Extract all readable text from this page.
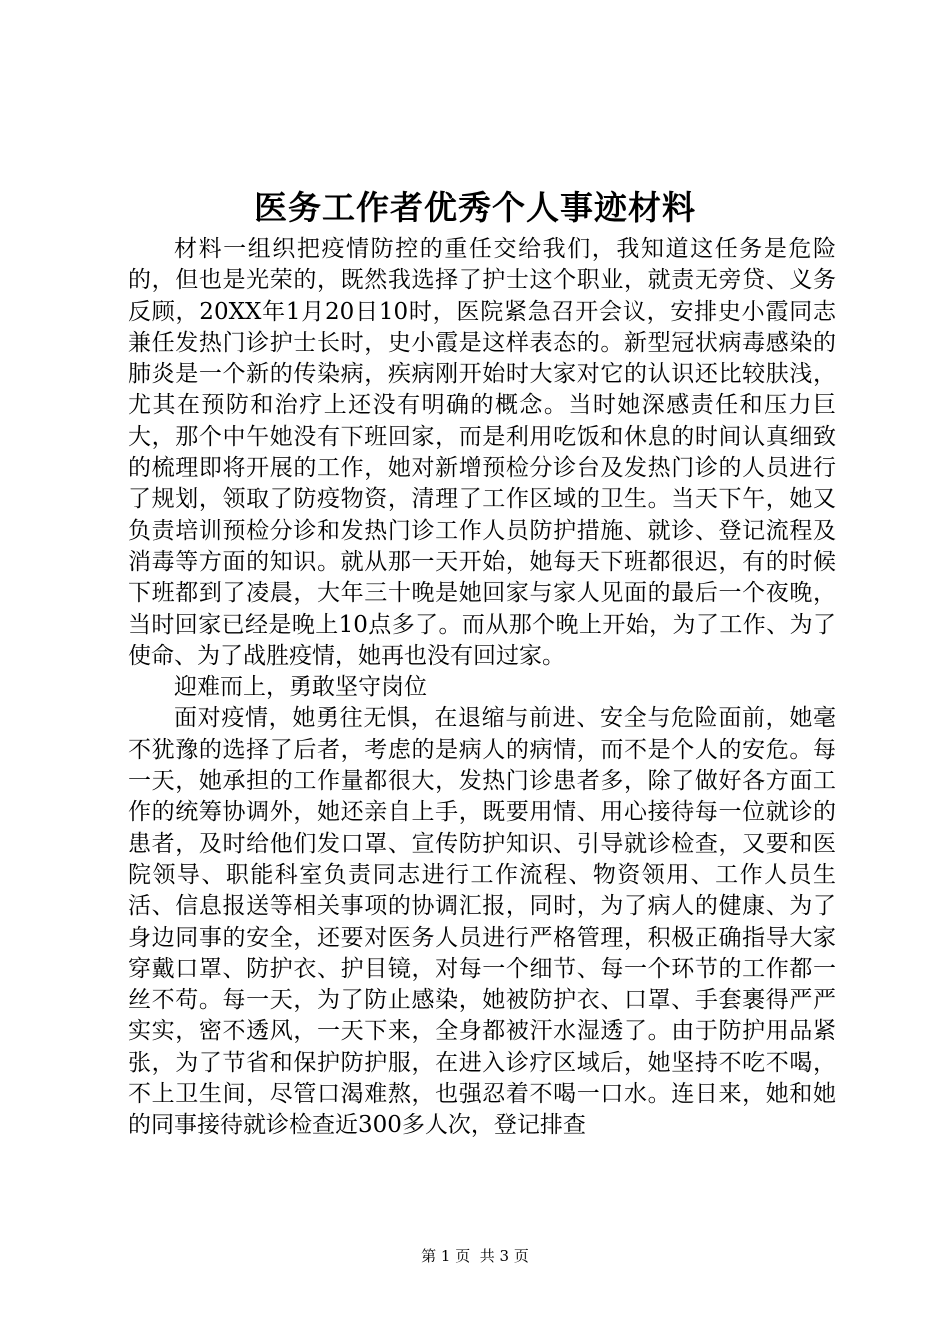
医务工作者优秀个人事迹材料

材料一组织把疫情防控的重任交给我们，我知道这任务是危险的，但也是光荣的，既然我选择了护士这个职业，就责无旁贷、义务反顾，20XX年1月20日10时，医院紧急召开会议，安排史小霞同志兼任发热门诊护士长时，史小霞是这样表态的。新型冠状病毒感染的肺炎是一个新的传染病，疾病刚开始时大家对它的认识还比较肤浅，尤其在预防和治疗上还没有明确的概念。当时她深感责任和压力巨大，那个中午她没有下班回家，而是利用吃饭和休息的时间认真细致的梳理即将开展的工作，她对新增预检分诊台及发热门诊的人员进行了规划，领取了防疫物资，清理了工作区域的卫生。当天下午，她又负责培训预检分诊和发热门诊工作人员防护措施、就诊、登记流程及消毒等方面的知识。就从那一天开始，她每天下班都很迟，有的时候下班都到了凌晨，大年三十晚是她回家与家人见面的最后一个夜晚，当时回家已经是晚上10点多了。而从那个晚上开始，为了工作、为了使命、为了战胜疫情，她再也没有回过家。

迎难而上，勇敢坚守岗位

面对疫情，她勇往无惧，在退缩与前进、安全与危险面前，她毫不犹豫的选择了后者，考虑的是病人的病情，而不是个人的安危。每一天，她承担的工作量都很大，发热门诊患者多，除了做好各方面工作的统筹协调外，她还亲自上手，既要用情、用心接待每一位就诊的患者，及时给他们发口罩、宣传防护知识、引导就诊检查，又要和医院领导、职能科室负责同志进行工作流程、物资领用、工作人员生活、信息报送等相关事项的协调汇报，同时，为了病人的健康、为了身边同事的安全，还要对医务人员进行严格管理，积极正确指导大家穿戴口罩、防护衣、护目镜，对每一个细节、每一个环节的工作都一丝不苟。每一天，为了防止感染，她被防护衣、口罩、手套裹得严严实实，密不透风，一天下来，全身都被汗水湿透了。由于防护用品紧张，为了节省和保护防护服，在进入诊疗区域后，她坚持不吃不喝，不上卫生间，尽管口渴难熬，也强忍着不喝一口水。连日来，她和她的同事接待就诊检查近300多人次，登记排查

第 1 页  共 3 页
